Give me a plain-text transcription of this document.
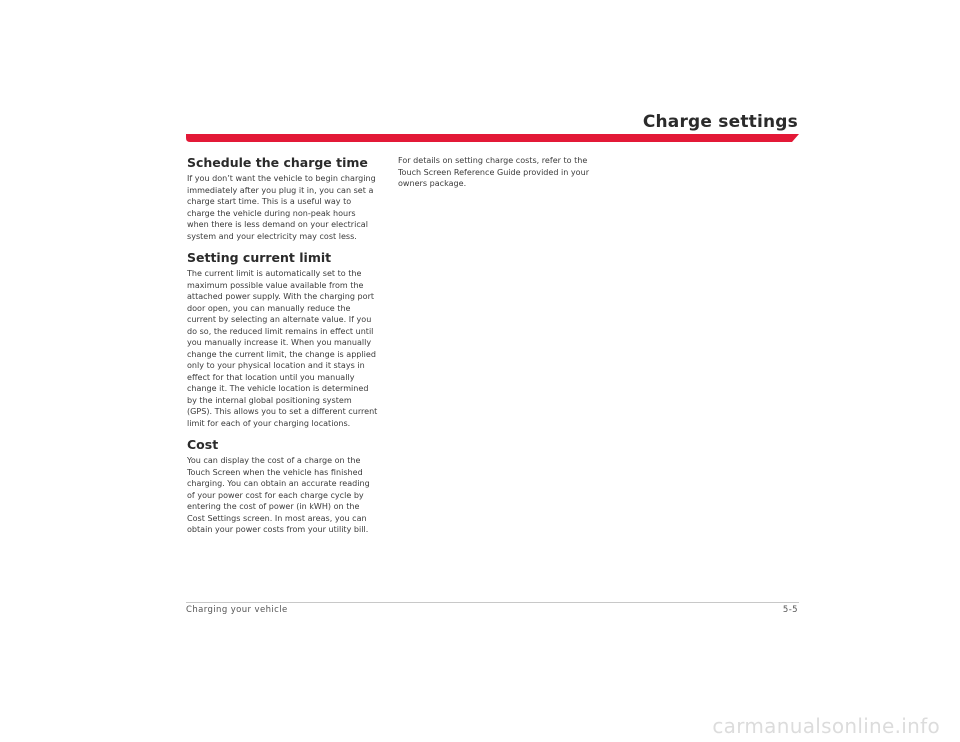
Charge settings
Schedule the charge time

If you don’t want the vehicle to begin charging immediately after you plug it in, you can set a charge start time. This is a useful way to charge the vehicle during non-peak hours when there is less demand on your electrical system and your electricity may cost less.

Setting current limit

The current limit is automatically set to the maximum possible value available from the attached power supply. With the charging port door open, you can manually reduce the current by selecting an alternate value. If you do so, the reduced limit remains in effect until you manually increase it. When you manually change the current limit, the change is applied only to your physical location and it stays in effect for that location until you manually change it. The vehicle location is determined by the internal global positioning system (GPS). This allows you to set a different current limit for each of your charging locations.

Cost

You can display the cost of a charge on the Touch Screen when the vehicle has finished charging. You can obtain an accurate reading of your power cost for each charge cycle by entering the cost of power (in kWH) on the Cost Settings screen. In most areas, you can obtain your power costs from your utility bill.

For details on setting charge costs, refer to the Touch Screen Reference Guide provided in your owners package.

Charging your vehicle	5-5
carmanualsonline.info
